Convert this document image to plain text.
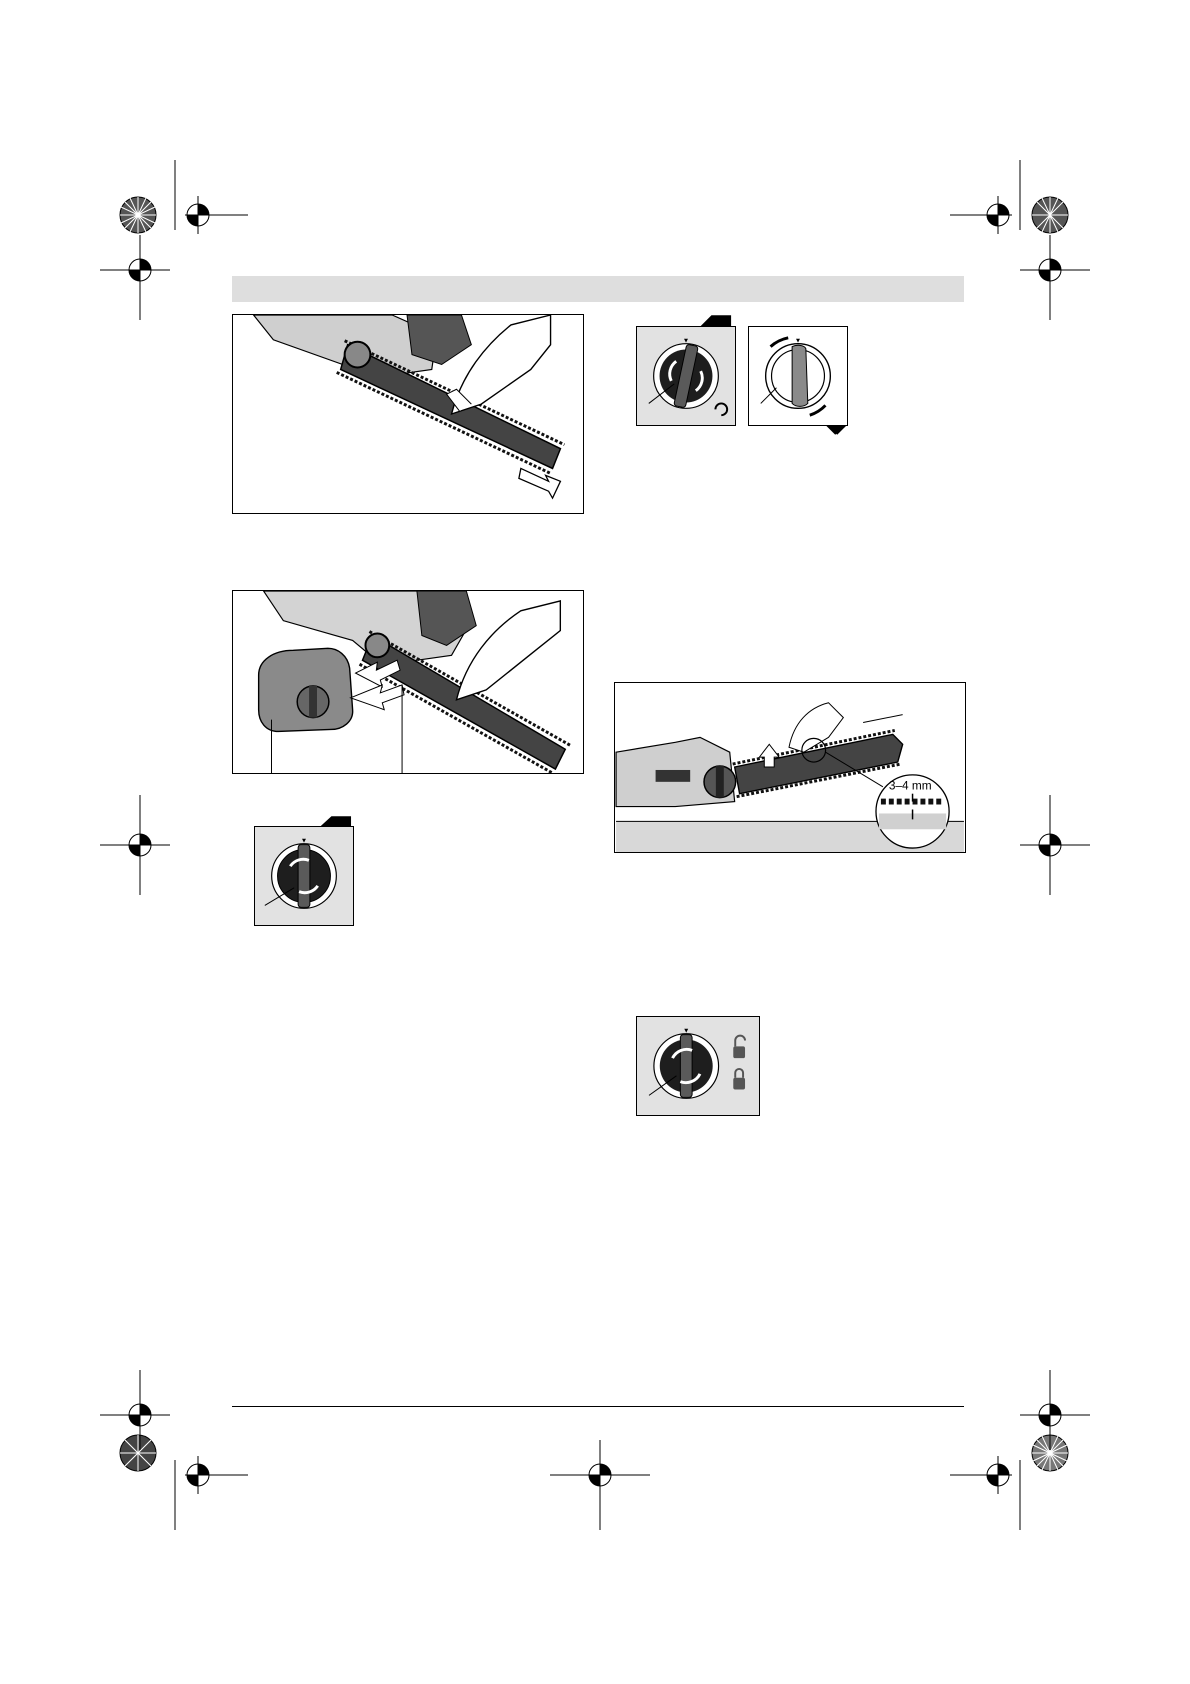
3–4 mm
